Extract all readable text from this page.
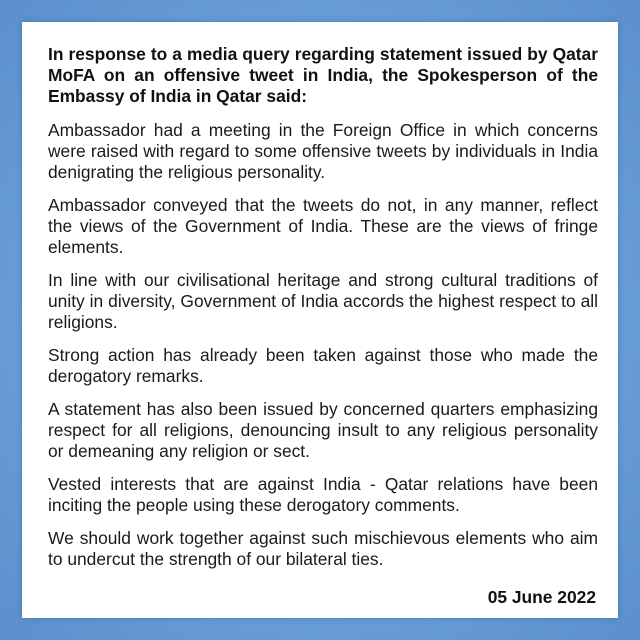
In response to a media query regarding statement issued by Qatar MoFA on an offensive tweet in India, the Spokesperson of the Embassy of India in Qatar said:

Ambassador had a meeting in the Foreign Office in which concerns were raised with regard to some offensive tweets by individuals in India denigrating the religious personality.

Ambassador conveyed that the tweets do not, in any manner, reflect the views of the Government of India. These are the views of fringe elements.

In line with our civilisational heritage and strong cultural traditions of unity in diversity, Government of India accords the highest respect to all religions.

Strong action has already been taken against those who made the derogatory remarks.

A statement has also been issued by concerned quarters emphasizing respect for all religions, denouncing insult to any religious personality or demeaning any religion or sect.

Vested interests that are against India - Qatar relations have been inciting the people using these derogatory comments.

We should work together against such mischievous elements who aim to undercut the strength of our bilateral ties.

05 June 2022
